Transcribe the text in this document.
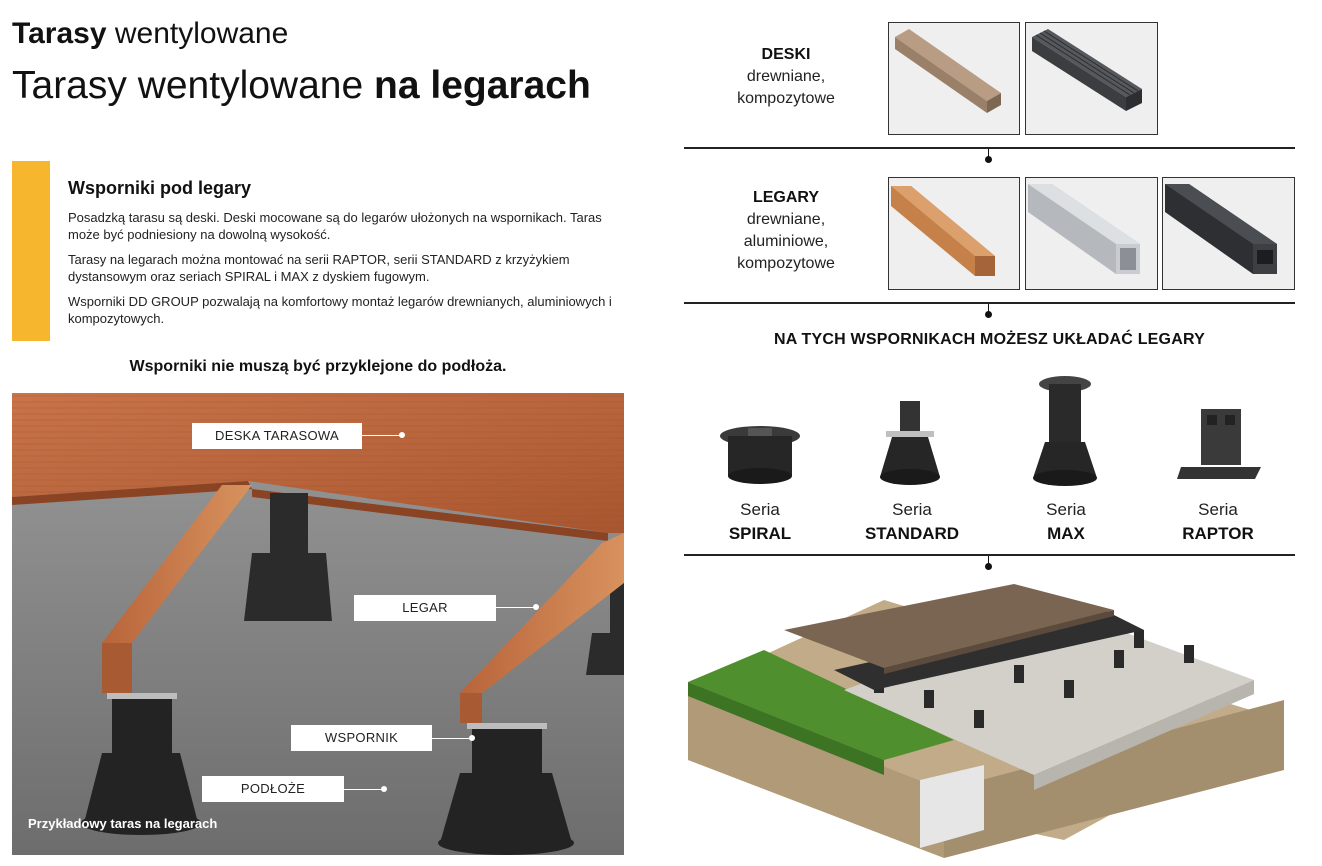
Tarasy wentylowane
Tarasy wentylowane na legarach
Wsporniki pod legary

Posadzką tarasu są deski. Deski mocowane są do legarów ułożonych na wspornikach. Taras może być podniesiony na dowolną wysokość.

Tarasy na legarach można montować na serii RAPTOR, serii STANDARD z krzyżykiem dystansowym oraz seriach SPIRAL i MAX z dyskiem fugowym.

Wsporniki DD GROUP pozwalają na komfortowy montaż legarów drewnianych, aluminiowych i kompozytowych.

Wsporniki nie muszą być przyklejone do podłoża.
DESKA TARASOWA
LEGAR
WSPORNIK
PODŁOŻE
Przykładowy taras na legarach
DESKI
drewniane,
kompozytowe
LEGARY
drewniane,
aluminiowe,
kompozytowe
NA TYCH WSPORNIKACH MOŻESZ UKŁADAĆ LEGARY
Seria
SPIRAL
Seria
STANDARD
Seria
MAX
Seria
RAPTOR
